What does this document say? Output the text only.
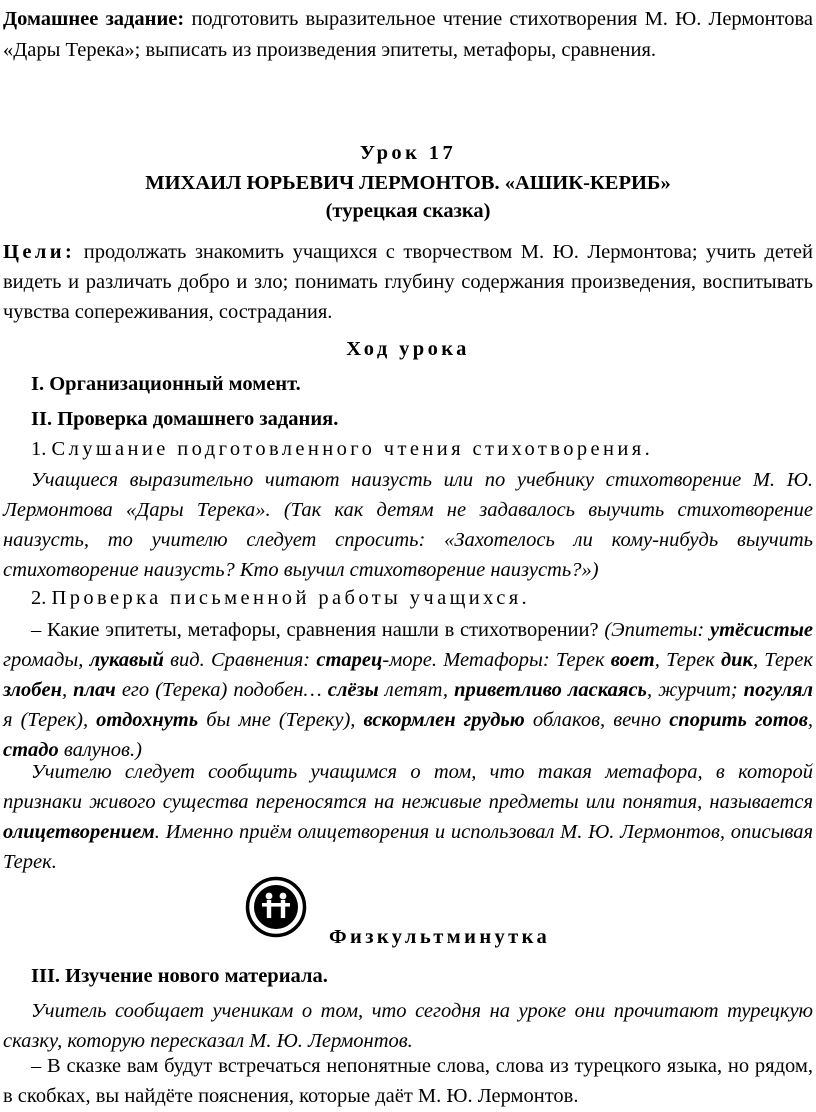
Домашнее задание: подготовить выразительное чтение стихотворения М. Ю. Лермонтова «Дары Терека»; выписать из произведения эпитеты, метафоры, сравнения.

Урок 17

МИХАИЛ ЮРЬЕВИЧ ЛЕРМОНТОВ. «АШИК-КЕРИБ»

(турецкая сказка)

Цели: продолжать знакомить учащихся с творчеством М. Ю. Лермонтова; учить детей видеть и различать добро и зло; понимать глубину содержания произведения, воспитывать чувства сопереживания, сострадания.

Ход урока

I. Организационный момент.

II. Проверка домашнего задания.

1. Слушание подготовленного чтения стихотворения.

Учащиеся выразительно читают наизусть или по учебнику стихотворение М. Ю. Лермонтова «Дары Терека». (Так как детям не задавалось выучить стихотворение наизусть, то учителю следует спросить: «Захотелось ли кому-нибудь выучить стихотворение наизусть? Кто выучил стихотворение наизусть?»)

2. Проверка письменной работы учащихся.

– Какие эпитеты, метафоры, сравнения нашли в стихотворении? (Эпитеты: утёсистые громады, лукавый вид. Сравнения: старец-море. Метафоры: Терек воет, Терек дик, Терек злобен, плач его (Терека) подобен… слёзы летят, приветливо ласкаясь, журчит; погулял я (Терек), отдохнуть бы мне (Тереку), вскормлен грудью облаков, вечно спорить готов, стадо валунов.)

Учителю следует сообщить учащимся о том, что такая метафора, в которой признаки живого существа переносятся на неживые предметы или понятия, называется олицетворением. Именно приём олицетворения и использовал М. Ю. Лермонтов, описывая Терек.

Физкультминутка

III. Изучение нового материала.

Учитель сообщает ученикам о том, что сегодня на уроке они прочитают турецкую сказку, которую пересказал М. Ю. Лермонтов.

– В сказке вам будут встречаться непонятные слова, слова из турецкого языка, но рядом, в скобках, вы найдёте пояснения, которые даёт М. Ю. Лермонтов.
